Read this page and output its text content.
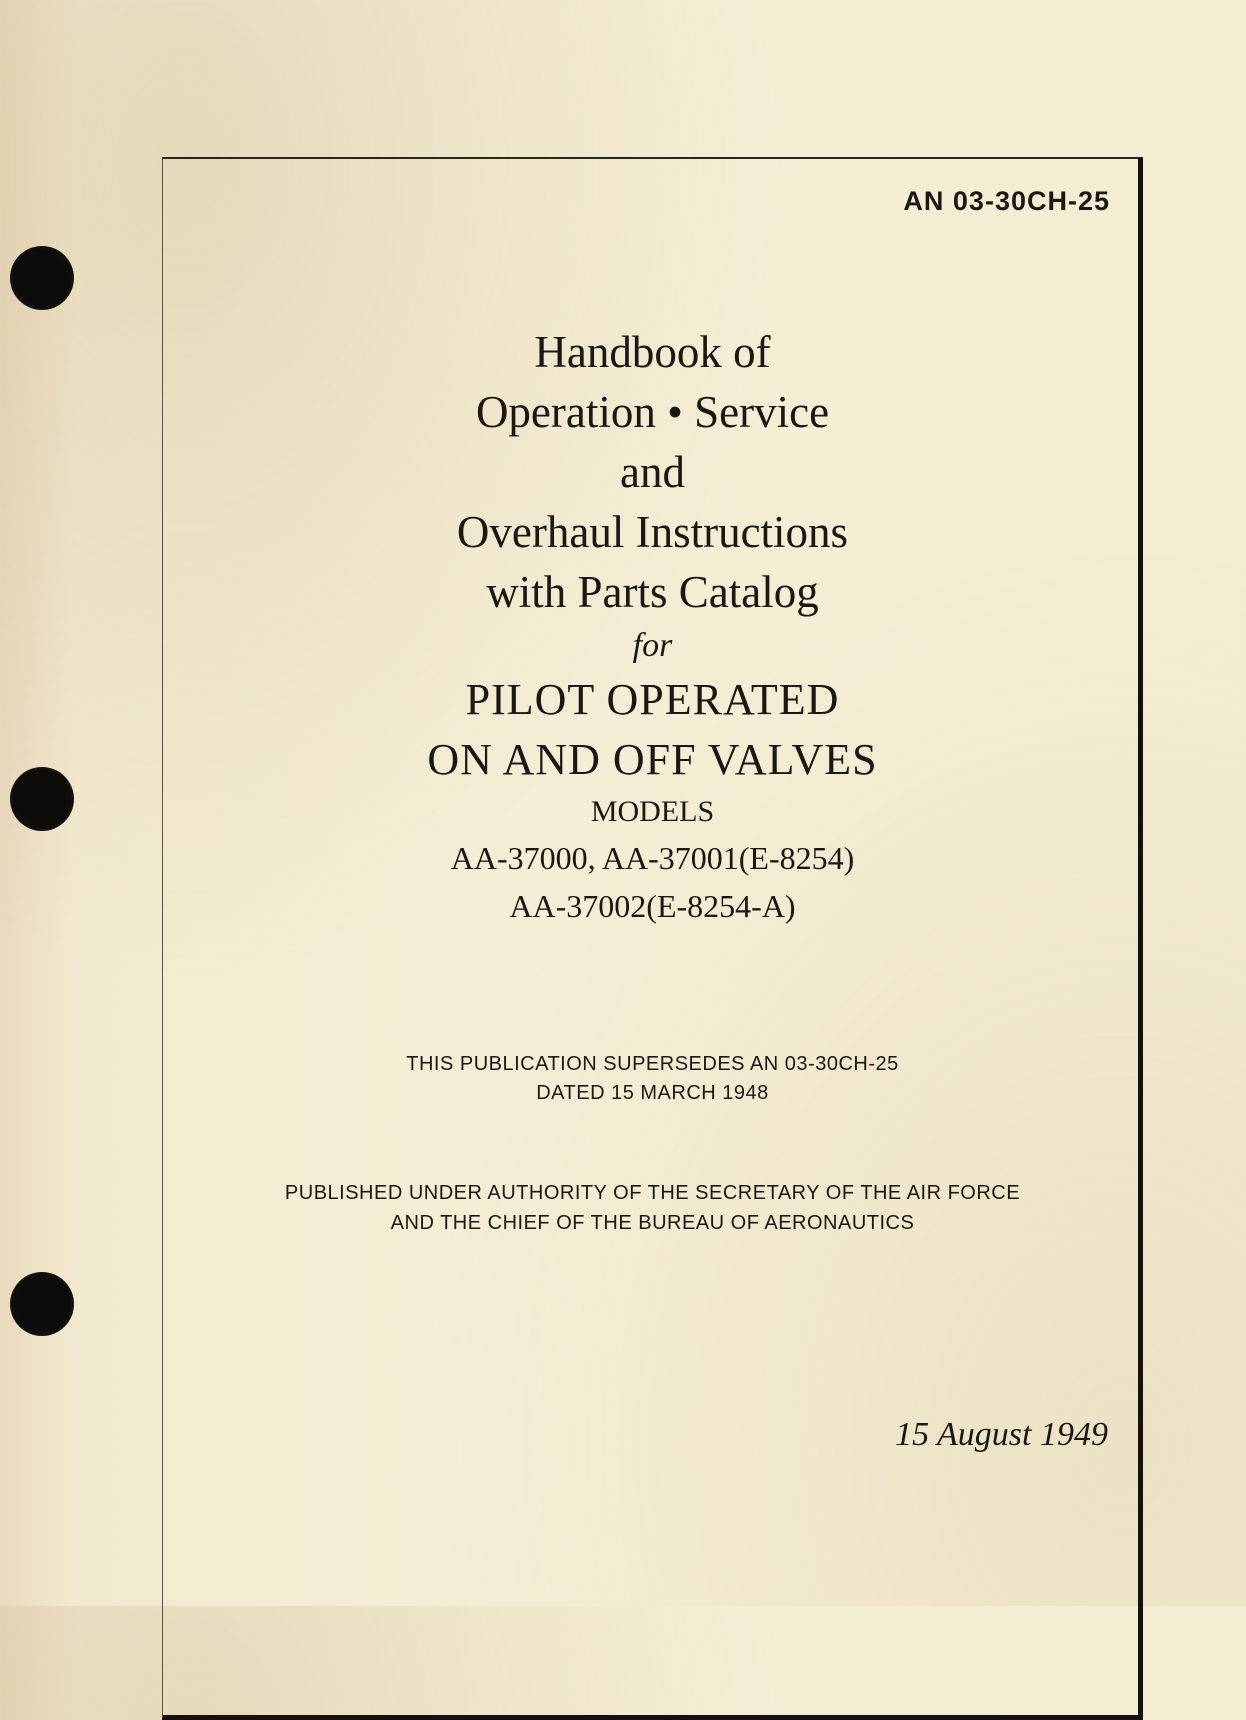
AN 03-30CH-25
Handbook of
Operation • Service
and
Overhaul Instructions
with Parts Catalog
for
PILOT OPERATED
ON AND OFF VALVES
MODELS
AA-37000, AA-37001(E-8254)
AA-37002(E-8254-A)
THIS PUBLICATION SUPERSEDES AN 03-30CH-25
DATED 15 MARCH 1948
PUBLISHED UNDER AUTHORITY OF THE SECRETARY OF THE AIR FORCE
AND THE CHIEF OF THE BUREAU OF AERONAUTICS
15 August 1949
